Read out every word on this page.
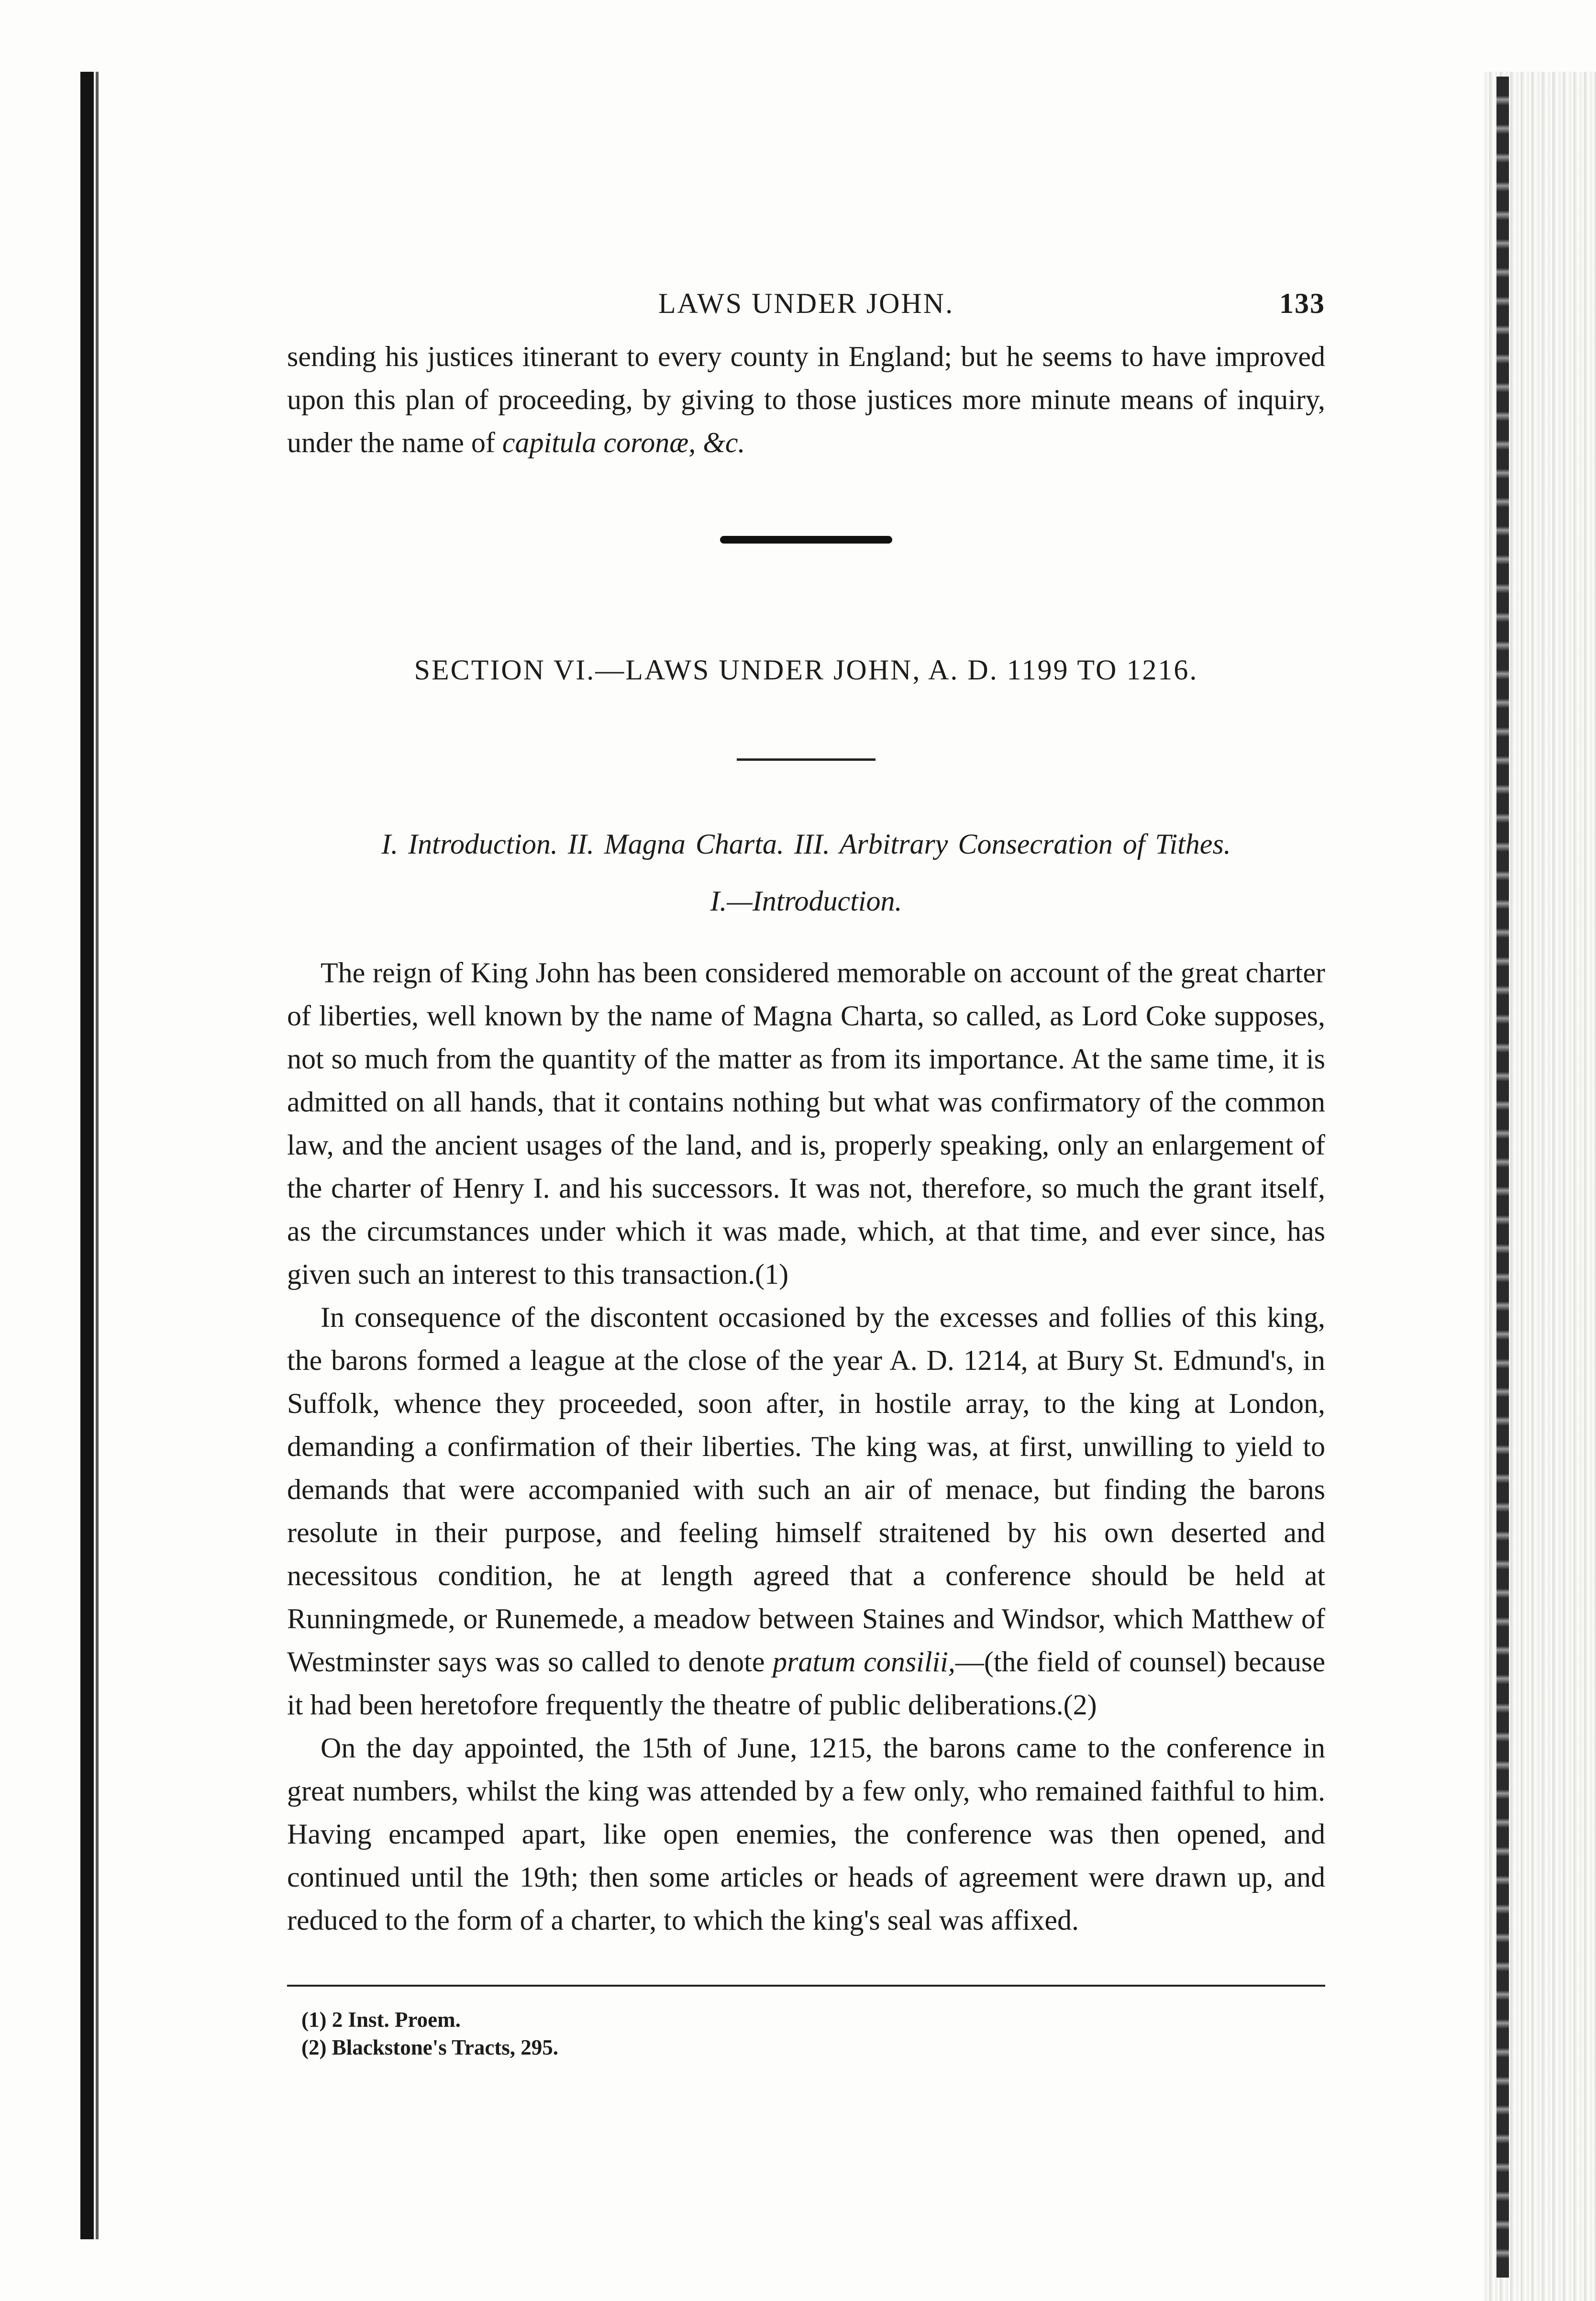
LAWS UNDER JOHN.	133

sending his justices itinerant to every county in England; but he seems to have improved upon this plan of proceeding, by giving to those justices more minute means of inquiry, under the name of capitula coronæ, &c.

SECTION VI.—LAWS UNDER JOHN, A. D. 1199 TO 1216.

I. Introduction. II. Magna Charta. III. Arbitrary Consecration of Tithes.

I.—Introduction.

The reign of King John has been considered memorable on account of the great charter of liberties, well known by the name of Magna Charta, so called, as Lord Coke supposes, not so much from the quantity of the matter as from its importance. At the same time, it is admitted on all hands, that it contains nothing but what was confirmatory of the common law, and the ancient usages of the land, and is, properly speaking, only an enlargement of the charter of Henry I. and his successors. It was not, therefore, so much the grant itself, as the circumstances under which it was made, which, at that time, and ever since, has given such an interest to this transaction.(1)

In consequence of the discontent occasioned by the excesses and follies of this king, the barons formed a league at the close of the year A. D. 1214, at Bury St. Edmund's, in Suffolk, whence they proceeded, soon after, in hostile array, to the king at London, demanding a confirmation of their liberties. The king was, at first, unwilling to yield to demands that were accompanied with such an air of menace, but finding the barons resolute in their purpose, and feeling himself straitened by his own deserted and necessitous condition, he at length agreed that a conference should be held at Runningmede, or Runemede, a meadow between Staines and Windsor, which Matthew of Westminster says was so called to denote pratum consilii,—(the field of counsel) because it had been heretofore frequently the theatre of public deliberations.(2)

On the day appointed, the 15th of June, 1215, the barons came to the conference in great numbers, whilst the king was attended by a few only, who remained faithful to him. Having encamped apart, like open enemies, the conference was then opened, and continued until the 19th; then some articles or heads of agreement were drawn up, and reduced to the form of a charter, to which the king's seal was affixed.

(1) 2 Inst. Proem.

(2) Blackstone's Tracts, 295.
